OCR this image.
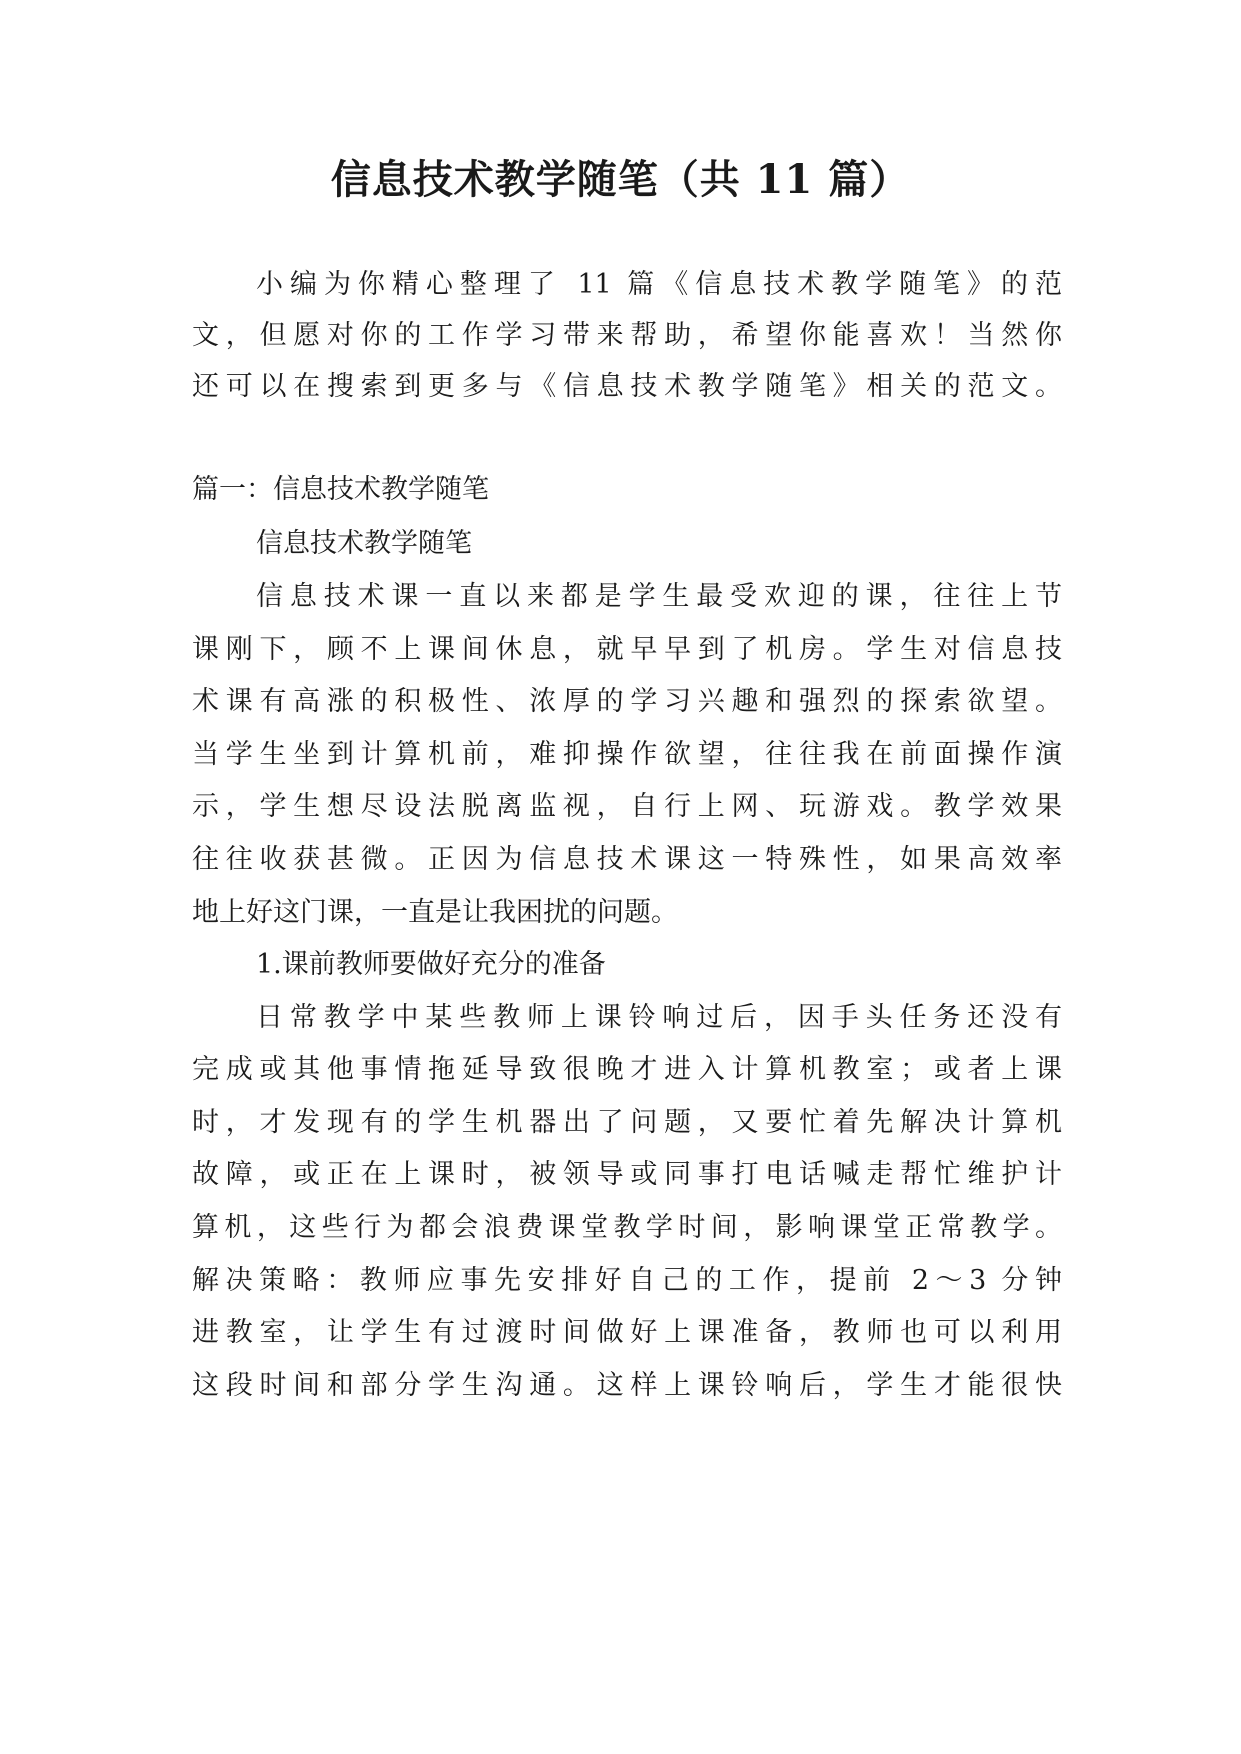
信息技术教学随笔（共 11 篇）
小编为你精心整理了 11 篇《信息技术教学随笔》的范
文，但愿对你的工作学习带来帮助，希望你能喜欢！当然你
还可以在搜索到更多与《信息技术教学随笔》相关的范文。
篇一：信息技术教学随笔
信息技术教学随笔
信息技术课一直以来都是学生最受欢迎的课，往往上节
课刚下，顾不上课间休息，就早早到了机房。学生对信息技
术课有高涨的积极性、浓厚的学习兴趣和强烈的探索欲望。
当学生坐到计算机前，难抑操作欲望，往往我在前面操作演
示，学生想尽设法脱离监视，自行上网、玩游戏。教学效果
往往收获甚微。正因为信息技术课这一特殊性，如果高效率
地上好这门课，一直是让我困扰的问题。
1.课前教师要做好充分的准备
日常教学中某些教师上课铃响过后，因手头任务还没有
完成或其他事情拖延导致很晚才进入计算机教室；或者上课
时，才发现有的学生机器出了问题，又要忙着先解决计算机
故障，或正在上课时，被领导或同事打电话喊走帮忙维护计
算机，这些行为都会浪费课堂教学时间，影响课堂正常教学。
解决策略：教师应事先安排好自己的工作，提前 2～3 分钟
进教室，让学生有过渡时间做好上课准备，教师也可以利用
这段时间和部分学生沟通。这样上课铃响后，学生才能很快
